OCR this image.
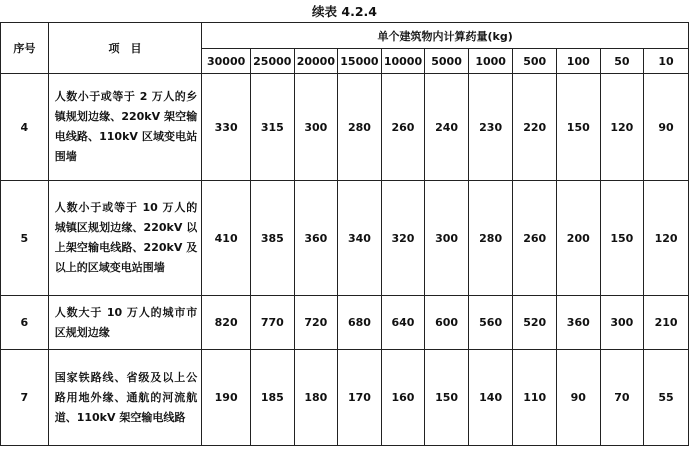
续表 4.2.4
序号	项　目	单个建筑物内计算药量(kg)										
		30000	25000	20000	15000	10000	5000	1000	500	100	50	10
4	人数小于或等于 2 万人的乡镇规划边缘、220kV 架空输电线路、110kV 区域变电站围墙	330	315	300	280	260	240	230	220	150	120	90
5	人数小于或等于 10 万人的城镇区规划边缘、220kV 以上架空输电线路、220kV 及以上的区域变电站围墙	410	385	360	340	320	300	280	260	200	150	120
6	人数大于 10 万人的城市市区规划边缘	820	770	720	680	640	600	560	520	360	300	210
7	国家铁路线、省级及以上公路用地外缘、通航的河流航道、110kV 架空输电线路	190	185	180	170	160	150	140	110	90	70	55
